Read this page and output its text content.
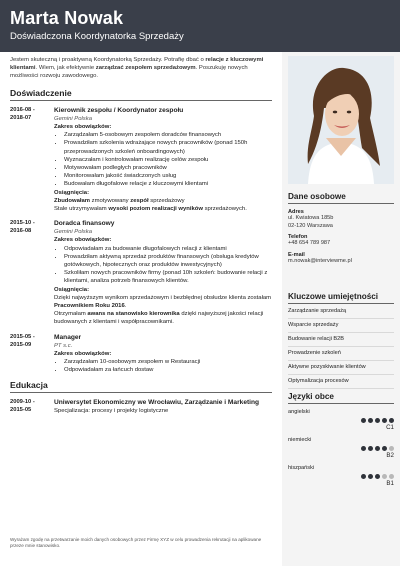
Marta Nowak
Doświadczona Koordynatorka Sprzedaży

Jestem skuteczną i proaktywną Koordynatorką Sprzedaży. Potrafię dbać o relacje z kluczowymi klientami. Wiem, jak efektywnie zarządzać zespołem sprzedażowym. Poszukuję nowych możliwości rozwoju zawodowego.

Doświadczenie
2016-08 -
2018-07
Kierownik zespołu / Koordynator zespołu
Gemini Polska
Zakres obowiązków:
• Zarządzałam 5-osobowym zespołem doradców finansowych
• Prowadziłam szkolenia wdrażające nowych pracowników (ponad 150h przeprowadzonych szkoleń onboardingowych)
• Wyznaczałam i kontrolowałam realizację celów zespołu
• Motywowałam podległych pracowników
• Monitorowałam jakość świadczonych usług
• Budowałam długofalowe relacje z kluczowymi klientami
Osiągnięcia:
Zbudowałam zmotywowany zespół sprzedażowy
Stale utrzymywałam wysoki poziom realizacji wyników sprzedażowych.
2015-10 -
2016-08
Doradca finansowy
Gemini Polska
Zakres obowiązków:
• Odpowiadałam za budowanie długofalowych relacji z klientami
• Prowadziłam aktywną sprzedaż produktów finansowych (obsługa kredytów gotówkowych, hipotecznych oraz produktów inwestycyjnych)
• Szkoliłam nowych pracowników firmy (ponad 10h szkoleń: budowanie relacji z klientami, analiza potrzeb finansowych klientów.
Osiągnięcia:
Dzięki najwyższym wynikom sprzedażowym i bezbłędnej obsłudze klienta zostałam Pracownikiem Roku 2016.
Otrzymałam awans na stanowisko kierownika dzięki najwyższej jakości relacji budowanych z klientami i współpracownikami.
2015-05 -
2015-09
Manager
PT s.c.
Zakres obowiązków:
• Zarządzałam 10-osobowym zespołem w Restauracji
• Odpowiadałam za łańcuch dostaw
Edukacja
2009-10 -
2015-05
Uniwersytet Ekonomiczny we Wrocławiu, Zarządzanie i Marketing
Specjalizacja: procesy i projekty logistyczne
Wyrażam zgodę na przetwarzanie moich danych osobowych przez Firmę XYZ w celu prowadzenia rekrutacji na aplikowane przeze mnie stanowisko.
Dane osobowe
Adres
ul. Kwiatowa 185b
02-120 Warszawa
Telefon
+48 654 789 987
E-mail
m.nowak@interviewme.pl
Kluczowe umiejętności
Zarządzanie sprzedażą
Wsparcie sprzedaży
Budowanie relacji B2B
Prowadzenie szkoleń
Aktywne pozyskiwanie klientów
Optymalizacja procesów
Języki obce
angielski
C1
niemiecki
B2
hiszpański
B1
